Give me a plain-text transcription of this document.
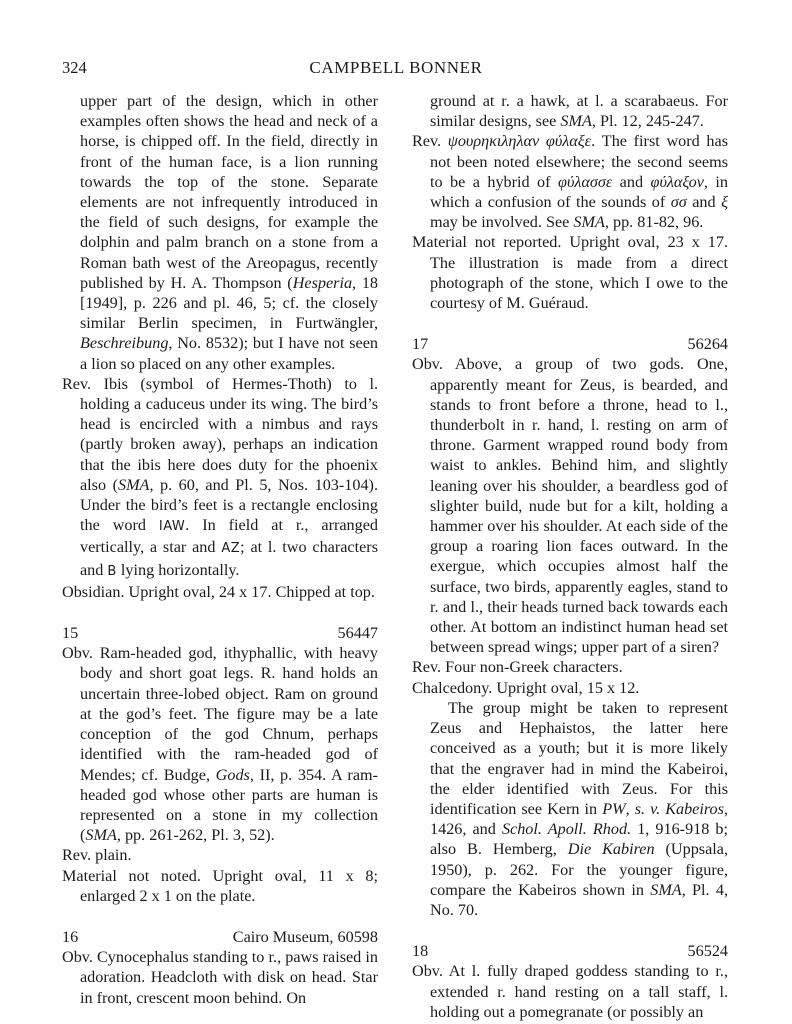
324	CAMPBELL BONNER

upper part of the design, which in other examples often shows the head and neck of a horse, is chipped off. In the field, directly in front of the human face, is a lion running towards the top of the stone. Separate elements are not infrequently introduced in the field of such designs, for example the dolphin and palm branch on a stone from a Roman bath west of the Areopagus, recently published by H. A. Thompson (Hesperia, 18 [1949], p. 226 and pl. 46, 5; cf. the closely similar Berlin specimen, in Furtwängler, Beschreibung, No. 8532); but I have not seen a lion so placed on any other examples.

Rev. Ibis (symbol of Hermes-Thoth) to l. holding a caduceus under its wing. The bird’s head is encircled with a nimbus and rays (partly broken away), perhaps an indication that the ibis here does duty for the phoenix also (SMA, p. 60, and Pl. 5, Nos. 103-104). Under the bird’s feet is a rectangle enclosing the word IAW. In field at r., arranged vertically, a star and AZ; at l. two characters and B lying horizontally.

Obsidian. Upright oval, 24 x 17. Chipped at top.

15	56447

Obv. Ram-headed god, ithyphallic, with heavy body and short goat legs. R. hand holds an uncertain three-lobed object. Ram on ground at the god’s feet. The figure may be a late conception of the god Chnum, perhaps identified with the ram-headed god of Mendes; cf. Budge, Gods, II, p. 354. A ram-headed god whose other parts are human is represented on a stone in my collection (SMA, pp. 261-262, Pl. 3, 52).

Rev. plain.

Material not noted. Upright oval, 11 x 8; enlarged 2 x 1 on the plate.

16	Cairo Museum, 60598

Obv. Cynocephalus standing to r., paws raised in adoration. Headcloth with disk on head. Star in front, crescent moon behind. On

ground at r. a hawk, at l. a scarabaeus. For similar designs, see SMA, Pl. 12, 245-247.

Rev. ψουρηκιληλαν φύλαξε. The first word has not been noted elsewhere; the second seems to be a hybrid of φύλασσε and φύλαξον, in which a confusion of the sounds of σσ and ξ may be involved. See SMA, pp. 81-82, 96.

Material not reported. Upright oval, 23 x 17. The illustration is made from a direct photograph of the stone, which I owe to the courtesy of M. Guéraud.

17	56264

Obv. Above, a group of two gods. One, apparently meant for Zeus, is bearded, and stands to front before a throne, head to l., thunderbolt in r. hand, l. resting on arm of throne. Garment wrapped round body from waist to ankles. Behind him, and slightly leaning over his shoulder, a beardless god of slighter build, nude but for a kilt, holding a hammer over his shoulder. At each side of the group a roaring lion faces outward. In the exergue, which occupies almost half the surface, two birds, apparently eagles, stand to r. and l., their heads turned back towards each other. At bottom an indistinct human head set between spread wings; upper part of a siren?

Rev. Four non-Greek characters.

Chalcedony. Upright oval, 15 x 12.

The group might be taken to represent Zeus and Hephaistos, the latter here conceived as a youth; but it is more likely that the engraver had in mind the Kabeiroi, the elder identified with Zeus. For this identification see Kern in PW, s. v. Kabeiros, 1426, and Schol. Apoll. Rhod. 1, 916-918 b; also B. Hemberg, Die Kabiren (Uppsala, 1950), p. 262. For the younger figure, compare the Kabeiros shown in SMA, Pl. 4, No. 70.

18	56524

Obv. At l. fully draped goddess standing to r., extended r. hand resting on a tall staff, l. holding out a pomegranate (or possibly an
